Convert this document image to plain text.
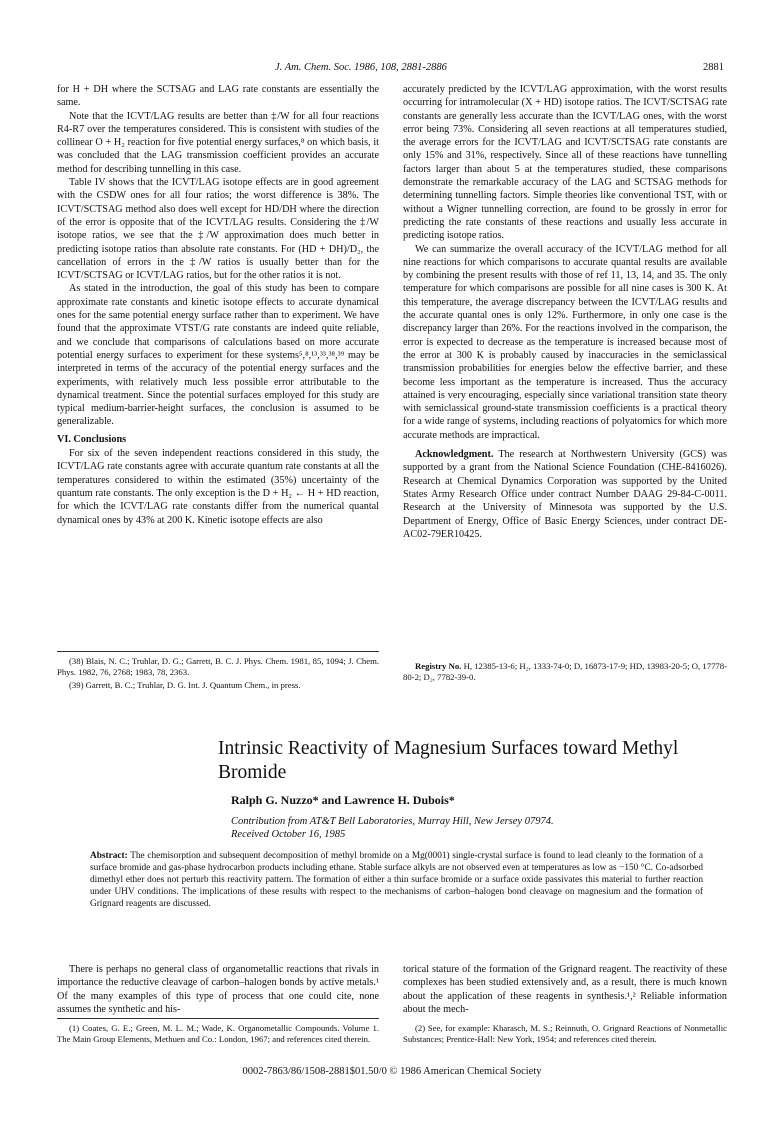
J. Am. Chem. Soc. 1986, 108, 2881-2886	2881

for H + DH where the SCTSAG and LAG rate constants are essentially the same.

Note that the ICVT/LAG results are better than ‡/W for all four reactions R4-R7 over the temperatures considered. This is consistent with studies of the collinear O + H₂ reaction for five potential energy surfaces,⁸ on which basis, it was concluded that the LAG transmission coefficient provides an accurate method for describing tunnelling in this case.

Table IV shows that the ICVT/LAG isotope effects are in good agreement with the CSDW ones for all four ratios; the worst difference is 38%. The ICVT/SCTSAG method also does well except for HD/DH where the direction of the error is opposite that of the ICVT/LAG results. Considering the ‡/W isotope ratios, we see that the ‡/W approximation does much better in predicting isotope ratios than absolute rate constants. For (HD + DH)/D₂, the cancellation of errors in the ‡/W ratios is usually better than for the ICVT/SCTSAG or ICVT/LAG ratios, but for the other ratios it is not.

As stated in the introduction, the goal of this study has been to compare approximate rate constants and kinetic isotope effects to accurate dynamical ones for the same potential energy surface rather than to experiment. We have found that the approximate VTST/G rate constants are indeed quite reliable, and we conclude that comparisons of calculations based on more accurate potential energy surfaces to experiment for these systems⁵,⁸,¹³,³³,³⁸,³⁹ may be interpreted in terms of the accuracy of the potential energy surfaces and the experiments, with relatively much less possible error attributable to the dynamical treatment. Since the potential surfaces employed for this study are typical medium-barrier-height surfaces, the conclusion is assumed to be generalizable.

VI. Conclusions

For six of the seven independent reactions considered in this study, the ICVT/LAG rate constants agree with accurate quantum rate constants at all the temperatures considered to within the estimated (35%) uncertainty of the quantum rate constants. The only exception is the D + H₂ ← H + HD reaction, for which the ICVT/LAG rate constants differ from the numerical quantal dynamical ones by 43% at 200 K. Kinetic isotope effects are also

(38) Blais, N. C.; Truhlar, D. G.; Garrett, B. C. J. Phys. Chem. 1981, 85, 1094; J. Chem. Phys. 1982, 76, 2768; 1983, 78, 2363.

(39) Garrett, B. C.; Truhlar, D. G. Int. J. Quantum Chem., in press.

accurately predicted by the ICVT/LAG approximation, with the worst results occurring for intramolecular (X + HD) isotope ratios. The ICVT/SCTSAG rate constants are generally less accurate than the ICVT/LAG ones, with the worst error being 73%. Considering all seven reactions at all temperatures studied, the average errors for the ICVT/LAG and ICVT/SCTSAG rate constants are only 15% and 31%, respectively. Since all of these reactions have tunnelling factors larger than about 5 at the temperatures studied, these comparisons demonstrate the remarkable accuracy of the LAG and SCTSAG methods for determining tunnelling factors. Simple theories like conventional TST, with or without a Wigner tunnelling correction, are found to be grossly in error for predicting the rate constants of these reactions and usually less accurate in predicting isotope ratios.

We can summarize the overall accuracy of the ICVT/LAG method for all nine reactions for which comparisons to accurate quantal results are available by combining the present results with those of ref 11, 13, 14, and 35. The only temperature for which comparisons are possible for all nine cases is 300 K. At this temperature, the average discrepancy between the ICVT/LAG results and the accurate quantal ones is only 12%. Furthermore, in only one case is the discrepancy larger than 26%. For the reactions involved in the comparison, the error is expected to decrease as the temperature is increased because most of the error at 300 K is probably caused by inaccuracies in the semiclassical transmission probabilities for energies below the effective barrier, and these become less important as the temperature is increased. Thus the accuracy attained is very encouraging, especially since variational transition state theory with semiclassical ground-state transmission coefficients is a practical theory for a wide range of systems, including reactions of polyatomics for which more accurate methods are impractical.

Acknowledgment. The research at Northwestern University (GCS) was supported by a grant from the National Science Foundation (CHE-8416026). Research at Chemical Dynamics Corporation was supported by the United States Army Research Office under contract Number DAAG 29-84-C-0011. Research at the University of Minnesota was supported by the U.S. Department of Energy, Office of Basic Energy Sciences, under contract DE-AC02-79ER10425.

Registry No. H, 12385-13-6; H₂, 1333-74-0; D, 16873-17-9; HD, 13983-20-5; O, 17778-80-2; D₂, 7782-39-0.
Intrinsic Reactivity of Magnesium Surfaces toward Methyl Bromide
Ralph G. Nuzzo* and Lawrence H. Dubois*
Contribution from AT&T Bell Laboratories, Murray Hill, New Jersey 07974.
Received October 16, 1985
Abstract: The chemisorption and subsequent decomposition of methyl bromide on a Mg(0001) single-crystal surface is found to lead cleanly to the formation of a surface bromide and gas-phase hydrocarbon products including ethane. Stable surface alkyls are not observed even at temperatures as low as −150 °C. Co-adsorbed dimethyl ether does not perturb this reactivity pattern. The formation of either a thin surface bromide or a surface oxide passivates this material to further reaction under UHV conditions. The implications of these results with respect to the mechanisms of carbon–halogen bond cleavage on magnesium and the formation of Grignard reagents are discussed.
There is perhaps no general class of organometallic reactions that rivals in importance the reductive cleavage of carbon–halogen bonds by active metals.¹ Of the many examples of this type of process that one could cite, none assumes the synthetic and his-
torical stature of the formation of the Grignard reagent. The reactivity of these complexes has been studied extensively and, as a result, there is much known about the application of these reagents in synthesis.¹,² Reliable information about the mech-
(1) Coates, G. E.; Green, M. L. M.; Wade, K. Organometallic Compounds. Volume 1. The Main Group Elements, Methuen and Co.: London, 1967; and references cited therein.
(2) See, for example: Kharasch, M. S.; Reinnuth, O. Grignard Reactions of Nonmetallic Substances; Prentice-Hall: New York, 1954; and references cited therein.
0002-7863/86/1508-2881$01.50/0 © 1986 American Chemical Society
